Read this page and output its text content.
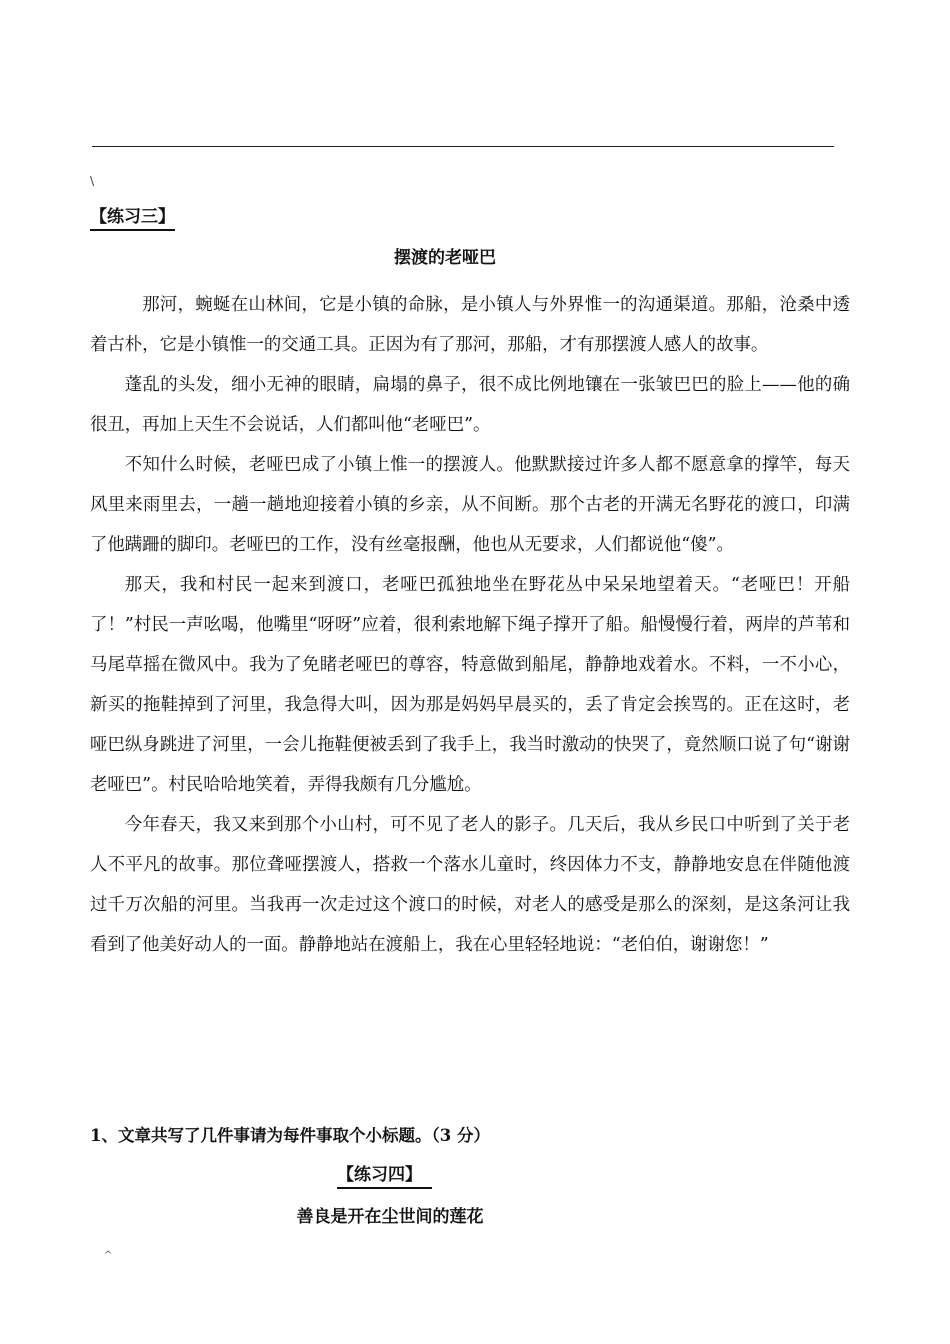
\
【练习三】
摆渡的老哑巴

那河，蜿蜒在山林间，它是小镇的命脉，是小镇人与外界惟一的沟通渠道。那船，沧桑中透着古朴，它是小镇惟一的交通工具。正因为有了那河，那船，才有那摆渡人感人的故事。

蓬乱的头发，细小无神的眼睛，扁塌的鼻子，很不成比例地镶在一张皱巴巴的脸上——他的确很丑，再加上天生不会说话，人们都叫他“老哑巴”。

不知什么时候，老哑巴成了小镇上惟一的摆渡人。他默默接过许多人都不愿意拿的撑竿，每天风里来雨里去，一趟一趟地迎接着小镇的乡亲，从不间断。那个古老的开满无名野花的渡口，印满了他蹒跚的脚印。老哑巴的工作，没有丝毫报酬，他也从无要求，人们都说他“傻”。

那天，我和村民一起来到渡口，老哑巴孤独地坐在野花丛中呆呆地望着天。“老哑巴！开船了！”村民一声吆喝，他嘴里“呀呀”应着，很利索地解下绳子撑开了船。船慢慢行着，两岸的芦苇和马尾草摇在微风中。我为了免睹老哑巴的尊容，特意做到船尾，静静地戏着水。不料，一不小心，新买的拖鞋掉到了河里，我急得大叫，因为那是妈妈早晨买的，丢了肯定会挨骂的。正在这时，老哑巴纵身跳进了河里，一会儿拖鞋便被丢到了我手上，我当时激动的快哭了，竟然顺口说了句“谢谢老哑巴”。村民哈哈地笑着，弄得我颇有几分尴尬。

今年春天，我又来到那个小山村，可不见了老人的影子。几天后，我从乡民口中听到了关于老人不平凡的故事。那位聋哑摆渡人，搭救一个落水儿童时，终因体力不支，静静地安息在伴随他渡过千万次船的河里。当我再一次走过这个渡口的时候，对老人的感受是那么的深刻，是这条河让我看到了他美好动人的一面。静静地站在渡船上，我在心里轻轻地说：“老伯伯，谢谢您！”

1、文章共写了几件事请为每件事取个小标题。（3 分）
【练习四】
善良是开在尘世间的莲花
^
